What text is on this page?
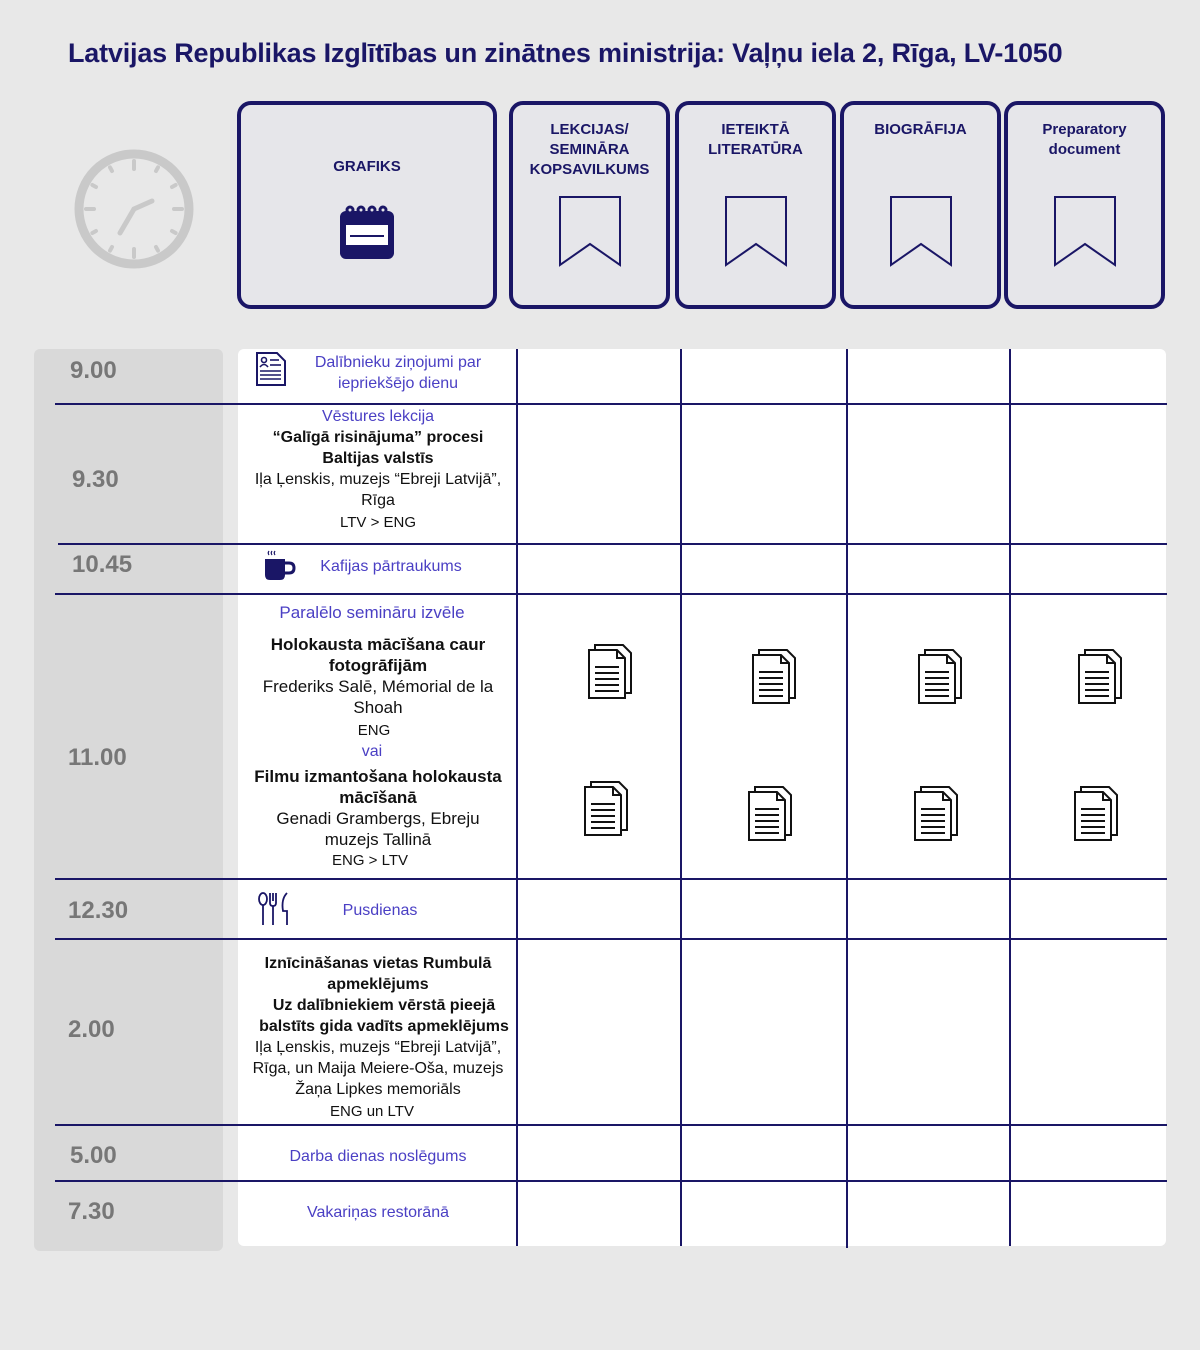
Latvijas Republikas Izglītības un zinātnes ministrija: Vaļņu iela 2, Rīga, LV-1050
GRAFIKS
LEKCIJAS/
SEMINĀRA
KOPSAVILKUMS
IETEIKTĀ
LITERATŪRA
BIOGRĀFIJA	Preparatory
document
9.00
9.30
10.45
11.00
12.30
2.00
5.00
7.30
Dalībnieku ziņojumi par iepriekšējo dienu
Vēstures lekcija
“Galīgā risinājuma” procesi Baltijas valstīs
Iļa Ļenskis, muzejs “Ebreji Latvijā”, Rīga
LTV > ENG
Kafijas pārtraukums
Paralēlo semināru izvēle
Holokausta mācīšana caur fotogrāfijām
Frederiks Salē, Mémorial de la Shoah
ENG
vai
Filmu izmantošana holokausta mācīšanā
Genadi Grambergs, Ebreju muzejs Tallinā
ENG > LTV
Pusdienas
Iznīcināšanas vietas Rumbulā apmeklējums
Uz dalībniekiem vērstā pieejā balstīts gida vadīts apmeklējums
Iļa Ļenskis, muzejs “Ebreji Latvijā”, Rīga, un Maija Meiere-Oša, muzejs Žaņa Lipkes memoriāls
ENG un LTV
Darba dienas noslēgums
Vakariņas restorānā
